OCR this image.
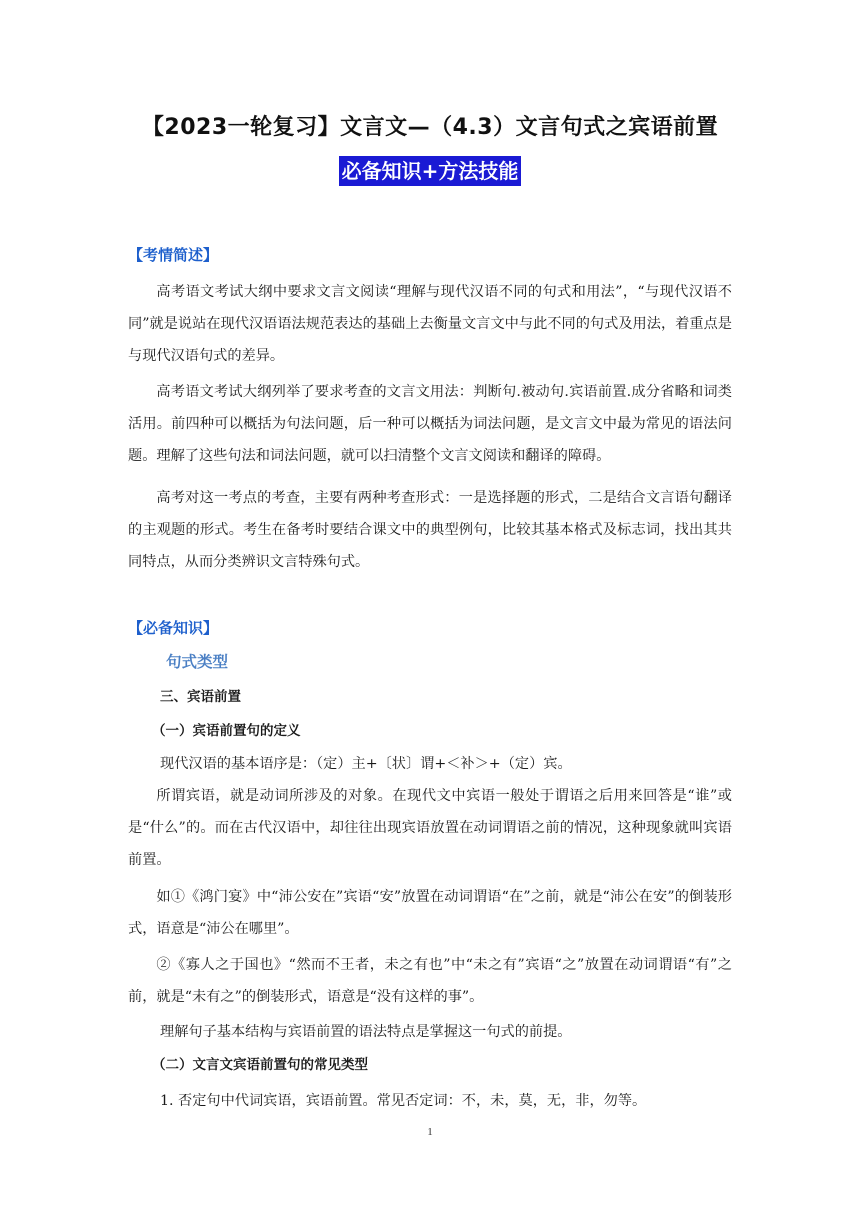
【2023一轮复习】文言文—（4.3）文言句式之宾语前置
必备知识+方法技能
【考情简述】

高考语文考试大纲中要求文言文阅读“理解与现代汉语不同的句式和用法”，“与现代汉语不同”就是说站在现代汉语语法规范表达的基础上去衡量文言文中与此不同的句式及用法，着重点是与现代汉语句式的差异。

高考语文考试大纲列举了要求考查的文言文用法：判断句.被动句.宾语前置.成分省略和词类活用。前四种可以概括为句法问题，后一种可以概括为词法问题，是文言文中最为常见的语法问题。理解了这些句法和词法问题，就可以扫清整个文言文阅读和翻译的障碍。

高考对这一考点的考查，主要有两种考查形式：一是选择题的形式，二是结合文言语句翻译的主观题的形式。考生在备考时要结合课文中的典型例句，比较其基本格式及标志词，找出其共同特点，从而分类辨识文言特殊句式。

【必备知识】
句式类型
三、宾语前置
（一）宾语前置句的定义
现代汉语的基本语序是：（定）主+〔状〕谓+＜补＞+（定）宾。

所谓宾语，就是动词所涉及的对象。在现代文中宾语一般处于谓语之后用来回答是“谁”或是“什么”的。而在古代汉语中，却往往出现宾语放置在动词谓语之前的情况，这种现象就叫宾语前置。

如①《鸿门宴》中“沛公安在”宾语“安”放置在动词谓语“在”之前，就是“沛公在安”的倒装形式，语意是“沛公在哪里”。

②《寡人之于国也》“然而不王者，未之有也”中“未之有”宾语“之”放置在动词谓语“有”之前，就是“未有之”的倒装形式，语意是“没有这样的事”。

理解句子基本结构与宾语前置的语法特点是掌握这一句式的前提。
（二）文言文宾语前置句的常见类型
1. 否定句中代词宾语，宾语前置。常见否定词：不，未，莫，无，非，勿等。
1
